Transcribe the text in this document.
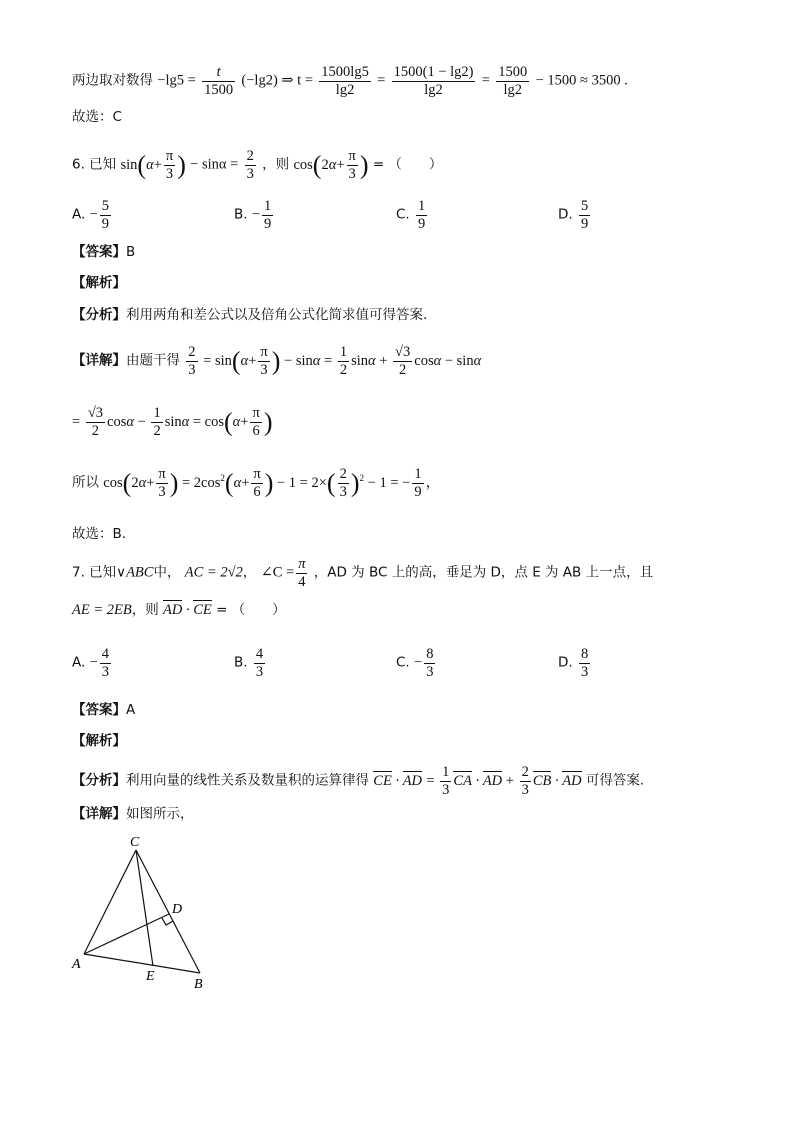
两边取对数得 $-\lg 5 = \frac{t}{1500} (-\lg 2)$ ⇒ $t = \frac{1500\lg 5}{\lg 2} = \frac{1500(1 - \lg 2)}{\lg 2} = \frac{1500}{\lg 2} - 1500 \approx 3500$ .
故选：C
6. 已知 $\sin(\alpha+ \frac{\pi}{3}$ ) − $\sin\alpha = \frac{2}{3}$ ，则 $\cos(2\alpha+ \frac{\pi}{3}$ ) = （　　）
A. − $\frac{5}{9}$	B. − $\frac{1}{9}$	C. $\frac{1}{9}$	D. $\frac{5}{9}$
【答案】B
【解析】
【分析】利用两角和差公式以及倍角公式化简求值可得答案.
【详解】由题干得 $\frac{2}{3} = \sin(\alpha+ \frac{\pi}{3}$ ) − $\sin\alpha = \frac{1}{2}$ $\sin\alpha + \frac{√3}{2}$ cosα − sinα
= $\frac{√3}{2}$ $\cos\alpha - \frac{1}{2}$ $\sin\alpha = \cos(\alpha+ \frac{\pi}{6}$ )
所以 $\cos(2\alpha+ \frac{\pi}{3}$ ) = $2\cos^2(\alpha+ \frac{\pi}{6}$ ) − $1 = 2\times( \frac{2}{3} )^2 - 1$ = − $\frac{1}{9}$ ，
故选：B.
7. 已知∨ABC中， AC = 2√2， ∠C = $\frac{\pi}{4}$ ，AD 为 BC 上的高，垂足为 D，点 E 为 AB 上一点，且
AE = 2EB，则 AD · CE = （　　）
A. − $\frac{4}{3}$	B. $\frac{4}{3}$	C. − $\frac{8}{3}$	D. $\frac{8}{3}$
【答案】A
【解析】
【分析】利用向量的线性关系及数量积的运算律得 CE · AD = $\frac{1}{3}$ CA · AD + $\frac{2}{3}$ CB · AD 可得答案.
【详解】如图所示，
C
D
A
E
B
